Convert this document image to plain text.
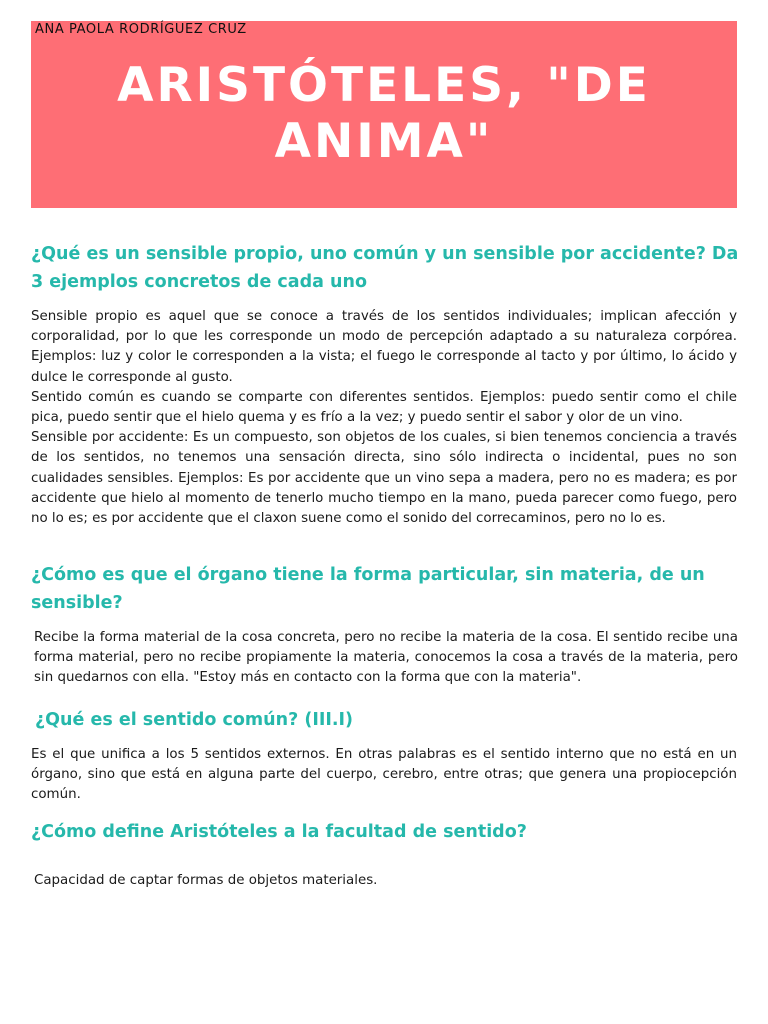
ANA PAOLA RODRÍGUEZ CRUZ
ARISTÓTELES, "DE
ANIMA"
¿Qué es un sensible propio, uno común y un sensible por accidente? Da 3 ejemplos concretos de cada uno

Sensible propio es aquel que se conoce a través de los sentidos individuales; implican afección y corporalidad, por lo que les corresponde un modo de percepción adaptado a su naturaleza corpórea. Ejemplos: luz y color le corresponden a la vista; el fuego le corresponde al tacto y por último, lo ácido y dulce le corresponde al gusto.

Sentido común es cuando se comparte con diferentes sentidos. Ejemplos: puedo sentir como el chile pica, puedo sentir que el hielo quema y es frío a la vez; y puedo sentir el sabor y olor de un vino.

Sensible por accidente: Es un compuesto, son objetos de los cuales, si bien tenemos conciencia a través de los sentidos, no tenemos una sensación directa, sino sólo indirecta o incidental, pues no son cualidades sensibles. Ejemplos: Es por accidente que un vino sepa a madera, pero no es madera; es por accidente que hielo al momento de tenerlo mucho tiempo en la mano, pueda parecer como fuego, pero no lo es; es por accidente que el claxon suene como el sonido del correcaminos, pero no lo es.

¿Cómo es que el órgano tiene la forma particular, sin materia, de un sensible?

Recibe la forma material de la cosa concreta, pero no recibe la materia de la cosa. El sentido recibe una forma material, pero no recibe propiamente la materia, conocemos la cosa a través de la materia, pero sin quedarnos con ella. "Estoy más en contacto con la forma que con la materia".

¿Qué es el sentido común? (III.I)

Es el que unifica a los 5 sentidos externos. En otras palabras es el sentido interno que no está en un órgano, sino que está en alguna parte del cuerpo, cerebro, entre otras; que genera una propiocepción común.

¿Cómo define Aristóteles a la facultad de sentido?

Capacidad de captar formas de objetos materiales.
